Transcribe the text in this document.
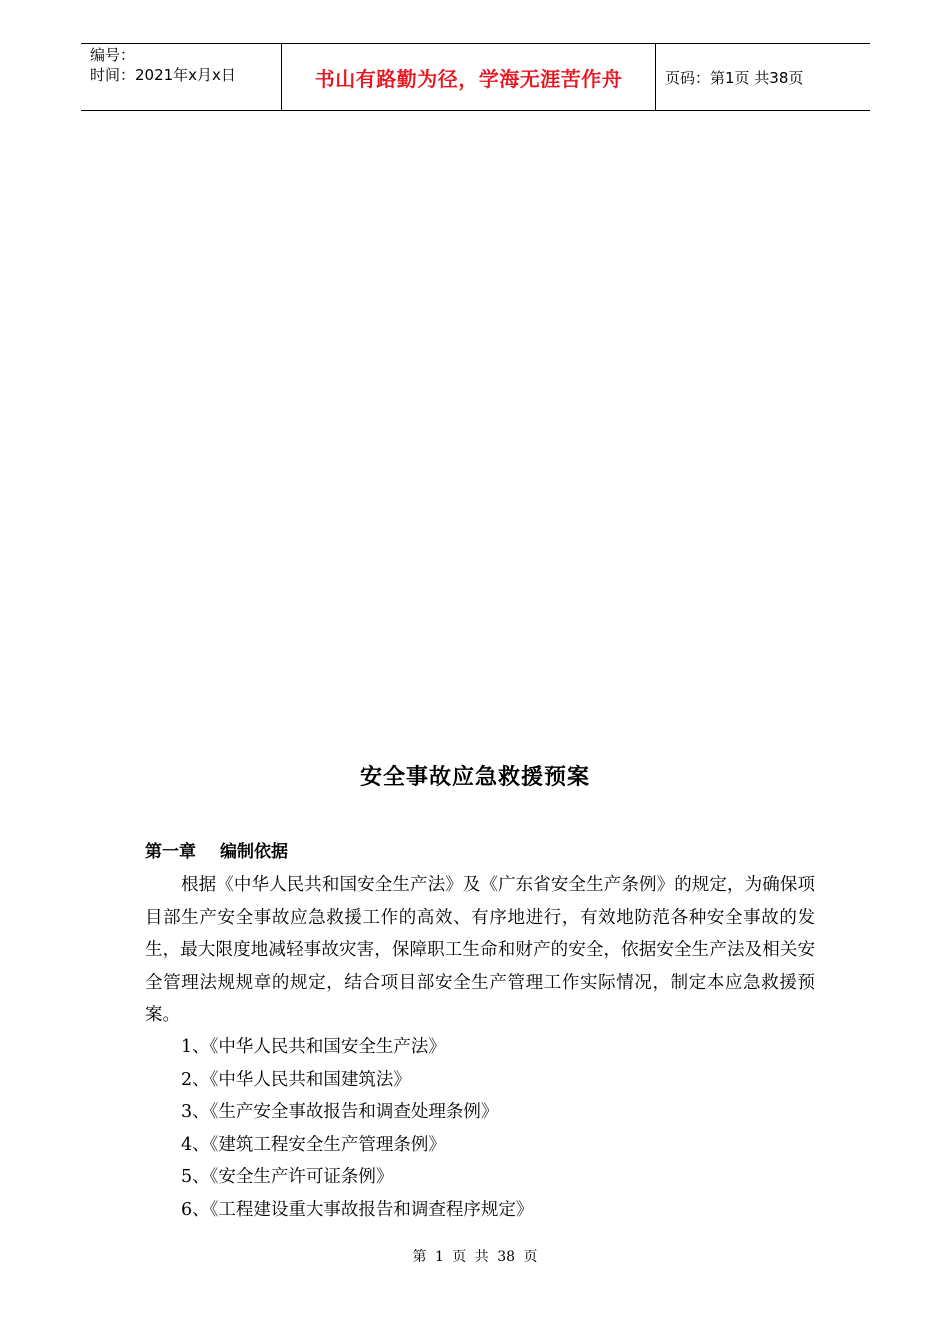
编号：
时间：2021年x月x日	书山有路勤为径，学海无涯苦作舟	页码：第1页 共38页
安全事故应急救援预案
第一章 编制依据

根据《中华人民共和国安全生产法》及《广东省安全生产条例》的规定，为确保项目部生产安全事故应急救援工作的高效、有序地进行，有效地防范各种安全事故的发生，最大限度地减轻事故灾害，保障职工生命和财产的安全，依据安全生产法及相关安全管理法规规章的规定，结合项目部安全生产管理工作实际情况，制定本应急救援预案。

1、《中华人民共和国安全生产法》
2、《中华人民共和国建筑法》
3、《生产安全事故报告和调查处理条例》
4、《建筑工程安全生产管理条例》
5、《安全生产许可证条例》
6、《工程建设重大事故报告和调查程序规定》
第 1 页 共 38 页
